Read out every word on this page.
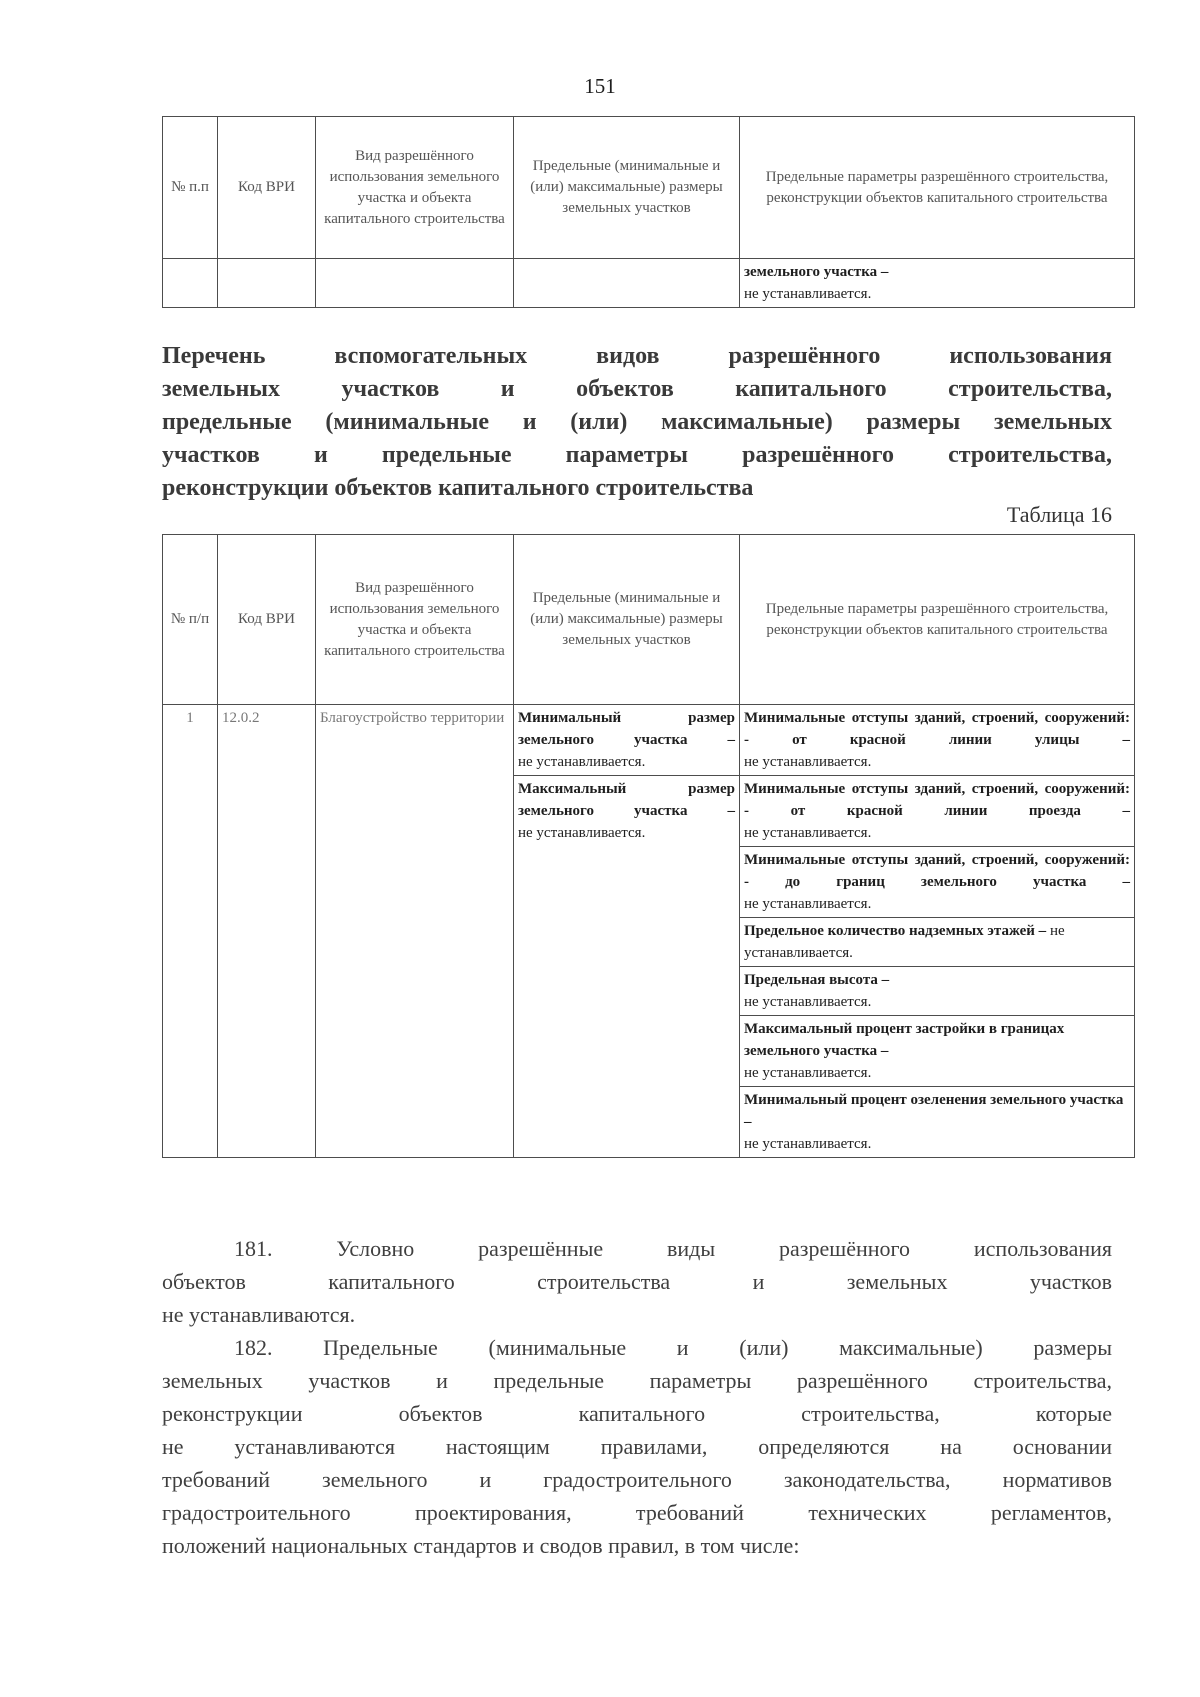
151
№ п.п	Код ВРИ	Вид разрешённого использования земельного участка и объекта капитального строительства	Предельные (минимальные и (или) максимальные) размеры земельных участков	Предельные параметры разрешённого строительства, реконструкции объектов капитального строительства
				земельного участка –
не устанавливается.
Перечень вспомогательных видов разрешённого использования
земельных участков и объектов капитального строительства,
предельные (минимальные и (или) максимальные) размеры земельных
участков и предельные параметры разрешённого строительства,
реконструкции объектов капитального строительства
Таблица 16
№ п/п	Код ВРИ	Вид разрешённого использования земельного участка и объекта капитального строительства	Предельные (минимальные и (или) максимальные) размеры земельных участков	Предельные параметры разрешённого строительства, реконструкции объектов капитального строительства
1	12.0.2	Благоустройство территории	Минимальный размер земельного участка –
не устанавливается.	Минимальные отступы зданий, строений, сооружений:
- от красной линии улицы –
не устанавливается.

			Максимальный размер земельного участка –
не устанавливается.	Минимальные отступы зданий, строений, сооружений:
- от красной линии проезда –
не устанавливается.

				Минимальные отступы зданий, строений, сооружений:
- до границ земельного участка –
не устанавливается.
				Предельное количество надземных этажей – не устанавливается.
				Предельная высота –
не устанавливается.
				Максимальный процент застройки в границах земельного участка –
не устанавливается.
				Минимальный процент озеленения земельного участка –
не устанавливается.
181. Условно разрешённые виды разрешённого использования
объектов капитального строительства и земельных участков
не устанавливаются.
182. Предельные (минимальные и (или) максимальные) размеры
земельных участков и предельные параметры разрешённого строительства,
реконструкции объектов капитального строительства, которые
не устанавливаются настоящим правилами, определяются на основании
требований земельного и градостроительного законодательства, нормативов
градостроительного проектирования, требований технических регламентов,
положений национальных стандартов и сводов правил, в том числе:
